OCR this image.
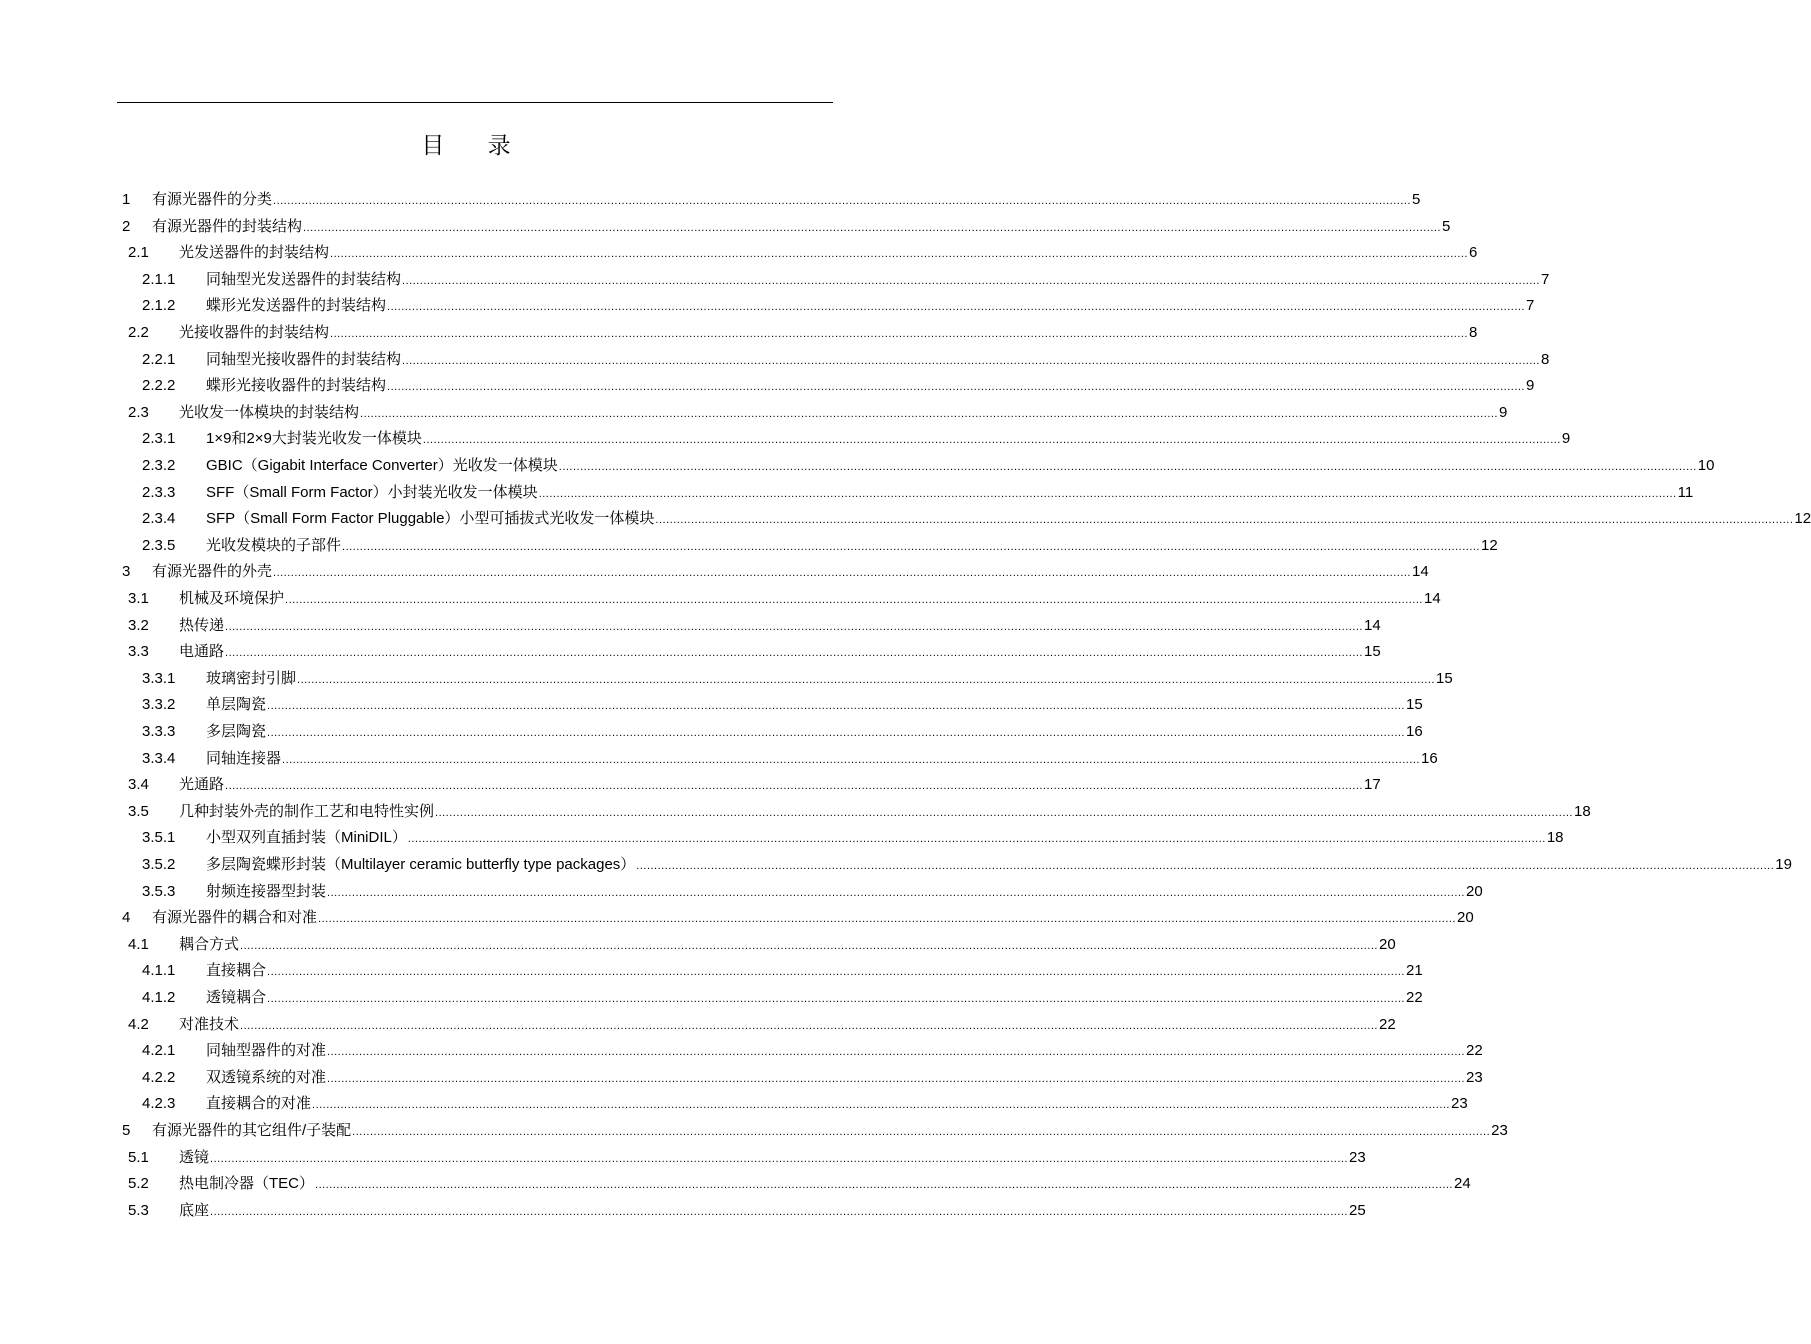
目 录
1	有源光器件的分类 .....	5
2	有源光器件的封装结构 .....	5
2.1	光发送器件的封装结构 .....	6
2.1.1	同轴型光发送器件的封装结构 .....	7
2.1.2	蝶形光发送器件的封装结构 .....	7
2.2	光接收器件的封装结构 .....	8
2.2.1	同轴型光接收器件的封装结构 .....	8
2.2.2	蝶形光接收器件的封装结构 .....	9
2.3	光收发一体模块的封装结构 .....	9
2.3.1	1×9和2×9大封装光收发一体模块 .....	9
2.3.2	GBIC（Gigabit Interface Converter）光收发一体模块 .....	10
2.3.3	SFF（Small Form Factor）小封装光收发一体模块 .....	11
2.3.4	SFP（Small Form Factor Pluggable）小型可插拔式光收发一体模块 .....	12
2.3.5	光收发模块的子部件 .....	12
3	有源光器件的外壳 .....	14
3.1	机械及环境保护 .....	14
3.2	热传递 .....	14
3.3	电通路 .....	15
3.3.1	玻璃密封引脚 .....	15
3.3.2	单层陶瓷 .....	15
3.3.3	多层陶瓷 .....	16
3.3.4	同轴连接器 .....	16
3.4	光通路 .....	17
3.5	几种封装外壳的制作工艺和电特性实例 .....	18
3.5.1	小型双列直插封装（MiniDIL） .....	18
3.5.2	多层陶瓷蝶形封装（Multilayer ceramic butterfly type packages） .....	19
3.5.3	射频连接器型封装 .....	20
4	有源光器件的耦合和对准 .....	20
4.1	耦合方式 .....	20
4.1.1	直接耦合 .....	21
4.1.2	透镜耦合 .....	22
4.2	对准技术 .....	22
4.2.1	同轴型器件的对准 .....	22
4.2.2	双透镜系统的对准 .....	23
4.2.3	直接耦合的对准 .....	23
5	有源光器件的其它组件/子装配 .....	23
5.1	透镜 .....	23
5.2	热电制冷器（TEC） .....	24
5.3	底座 .....	25
